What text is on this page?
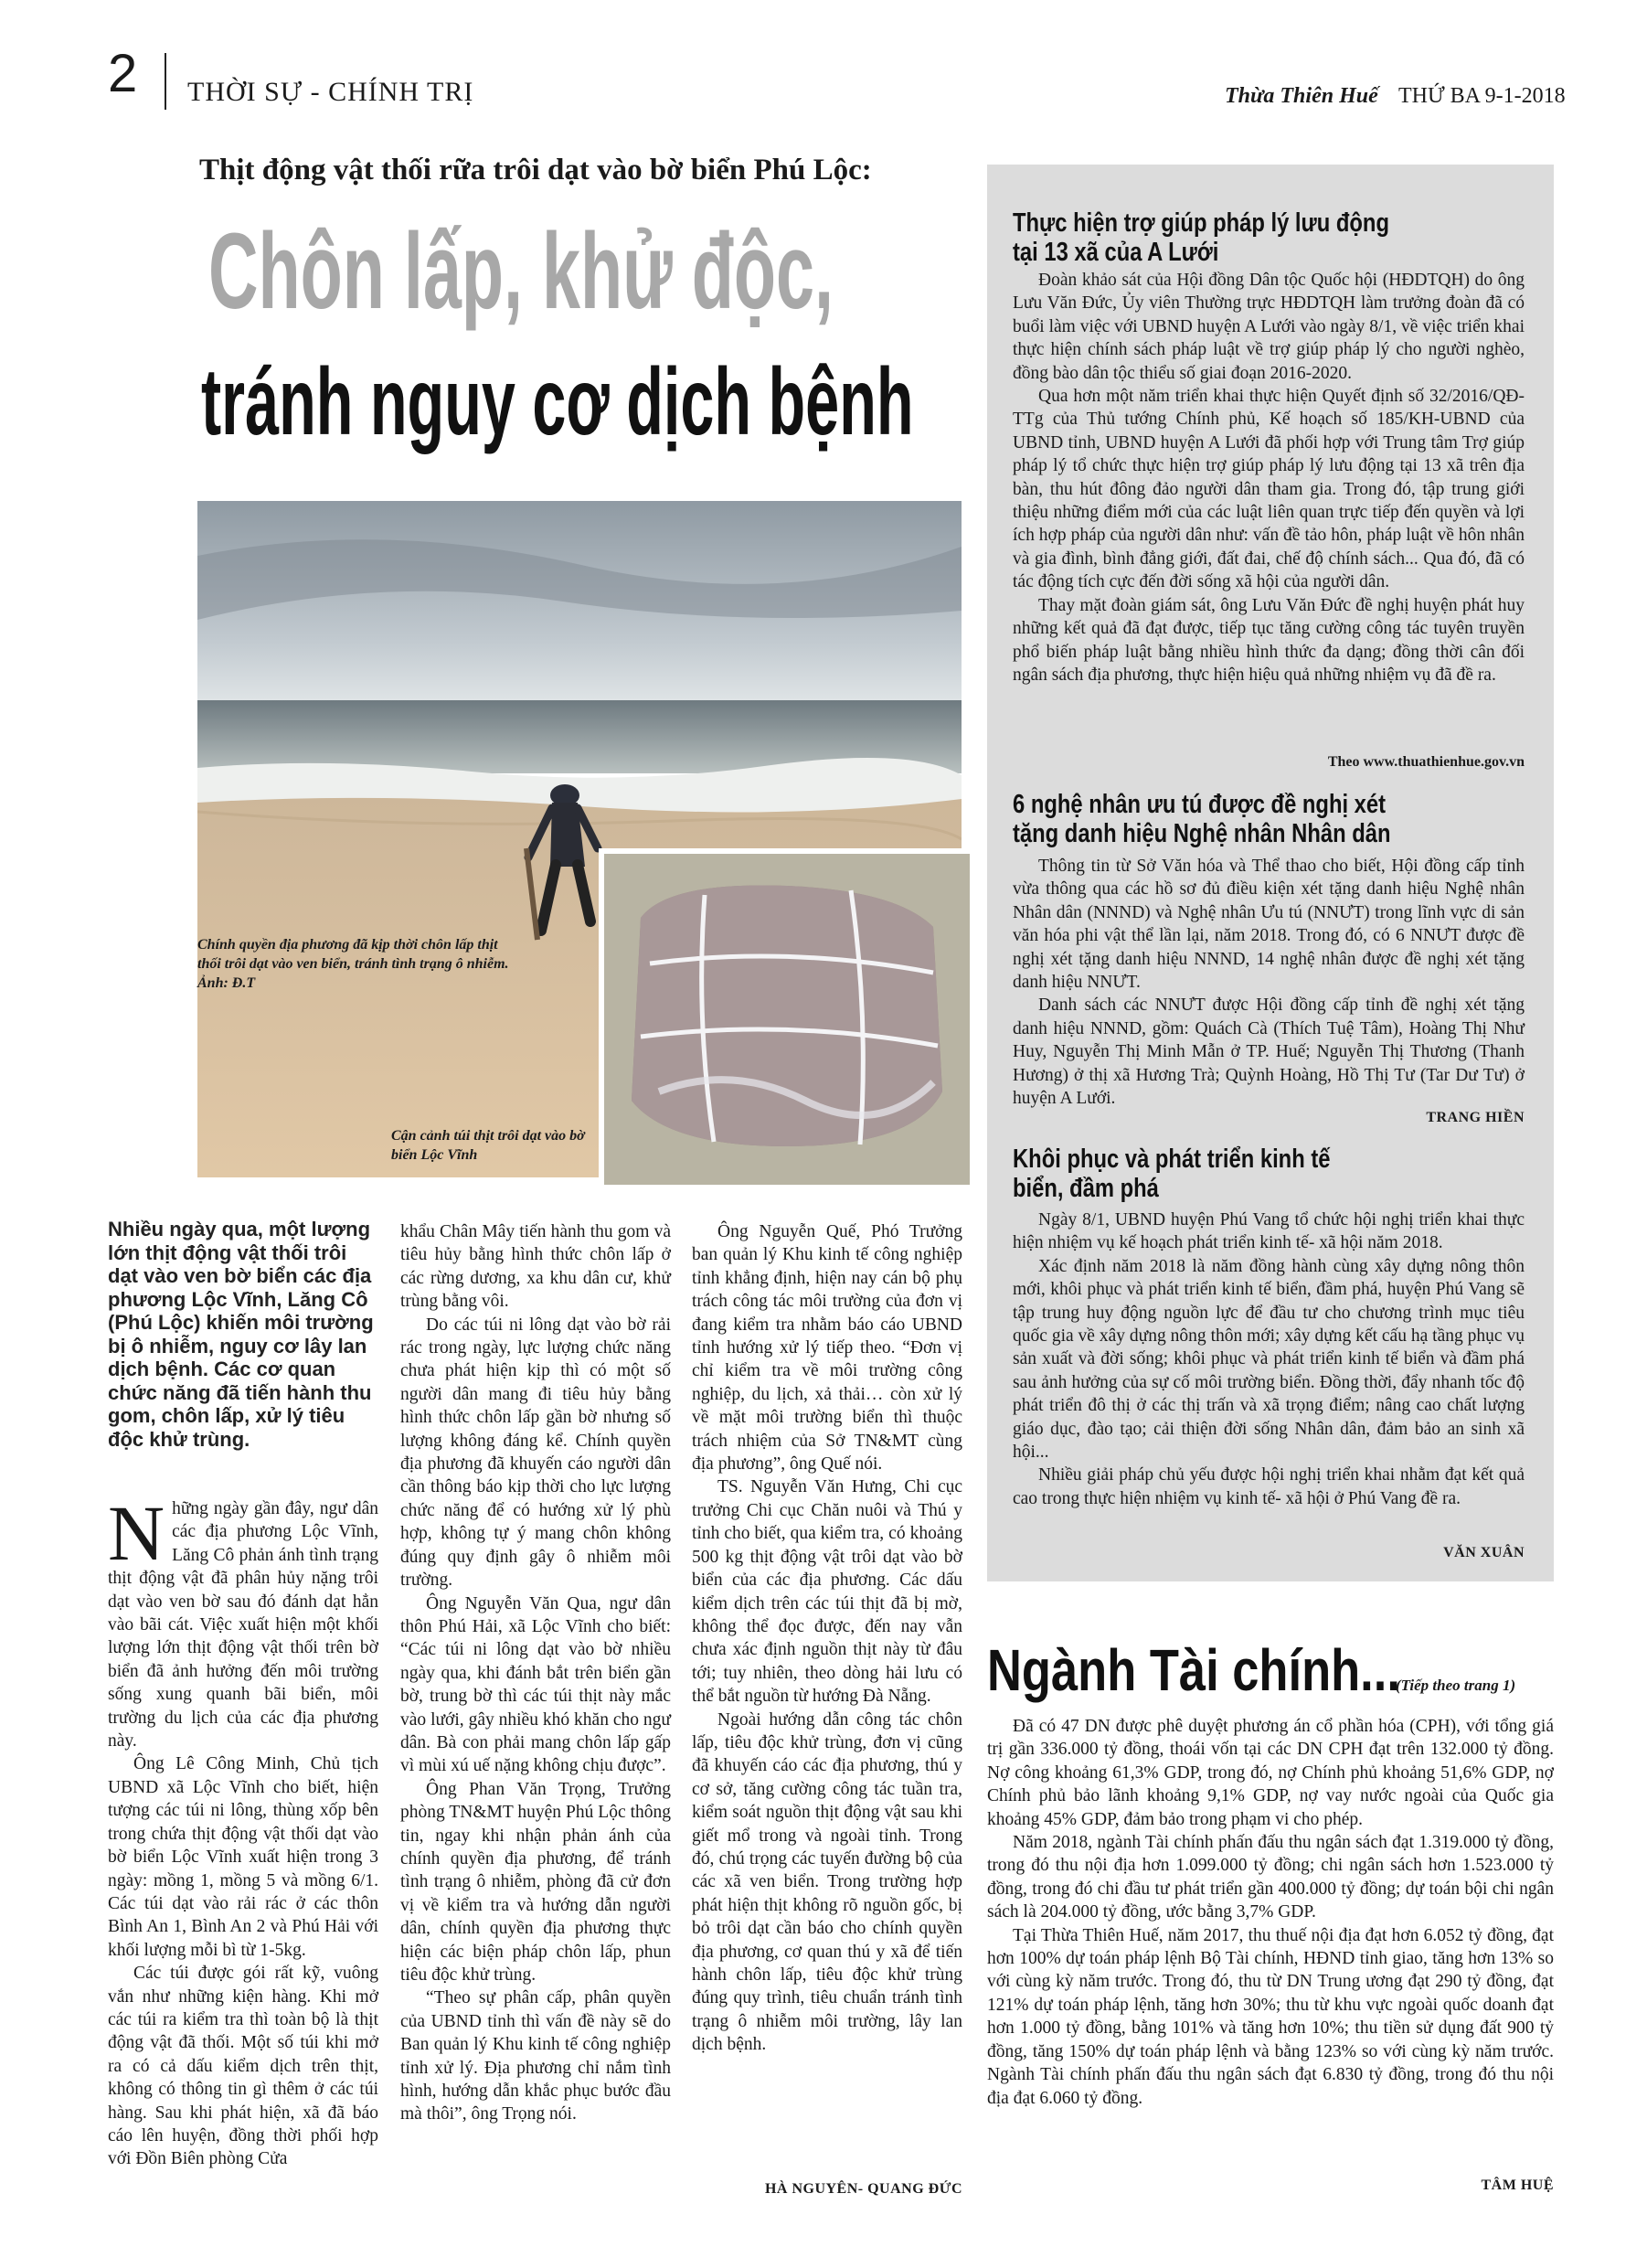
2 THỜI SỰ - CHÍNH TRỊ	Thừa Thiên Huế THỨ BA 9-1-2018
Thịt động vật thối rữa trôi dạt vào bờ biển Phú Lộc:
Chôn lấp, khử độc,
tránh nguy cơ dịch bệnh
Chính quyền địa phương đã kịp thời chôn lấp thịt thối trôi dạt vào ven biển, tránh tình trạng ô nhiễm. Ảnh: Đ.T
Cận cảnh túi thịt trôi dạt vào bờ biển Lộc Vĩnh
Nhiều ngày qua, một lượng lớn thịt động vật thối trôi dạt vào ven bờ biển các địa phương Lộc Vĩnh, Lăng Cô (Phú Lộc) khiến môi trường bị ô nhiễm, nguy cơ lây lan dịch bệnh. Các cơ quan chức năng đã tiến hành thu gom, chôn lấp, xử lý tiêu độc khử trùng.

Những ngày gần đây, ngư dân các địa phương Lộc Vĩnh, Lăng Cô phản ánh tình trạng thịt động vật đã phân hủy nặng trôi dạt vào ven bờ sau đó đánh dạt hẳn vào bãi cát. Việc xuất hiện một khối lượng lớn thịt động vật thối trên bờ biển đã ảnh hưởng đến môi trường sống xung quanh bãi biển, môi trường du lịch của các địa phương này.

Ông Lê Công Minh, Chủ tịch UBND xã Lộc Vĩnh cho biết, hiện tượng các túi ni lông, thùng xốp bên trong chứa thịt động vật thối dạt vào bờ biển Lộc Vĩnh xuất hiện trong 3 ngày: mồng 1, mồng 5 và mồng 6/1. Các túi dạt vào rải rác ở các thôn Bình An 1, Bình An 2 và Phú Hải với khối lượng mỗi bì từ 1-5kg.

Các túi được gói rất kỹ, vuông vắn như những kiện hàng. Khi mở các túi ra kiểm tra thì toàn bộ là thịt động vật đã thối. Một số túi khi mở ra có cả dấu kiểm dịch trên thịt, không có thông tin gì thêm ở các túi hàng. Sau khi phát hiện, xã đã báo cáo lên huyện, đồng thời phối hợp với Đồn Biên phòng Cửa

khẩu Chân Mây tiến hành thu gom và tiêu hủy bằng hình thức chôn lấp ở các rừng dương, xa khu dân cư, khử trùng bằng vôi.

Do các túi ni lông dạt vào bờ rải rác trong ngày, lực lượng chức năng chưa phát hiện kịp thì có một số người dân mang đi tiêu hủy bằng hình thức chôn lấp gần bờ nhưng số lượng không đáng kể. Chính quyền địa phương đã khuyến cáo người dân cần thông báo kịp thời cho lực lượng chức năng để có hướng xử lý phù hợp, không tự ý mang chôn không đúng quy định gây ô nhiễm môi trường.

Ông Nguyễn Văn Qua, ngư dân thôn Phú Hải, xã Lộc Vĩnh cho biết: “Các túi ni lông dạt vào bờ nhiều ngày qua, khi đánh bắt trên biển gần bờ, trung bờ thì các túi thịt này mắc vào lưới, gây nhiều khó khăn cho ngư dân. Bà con phải mang chôn lấp gấp vì mùi xú uế nặng không chịu được”.

Ông Phan Văn Trọng, Trưởng phòng TN&MT huyện Phú Lộc thông tin, ngay khi nhận phản ánh của chính quyền địa phương, để tránh tình trạng ô nhiễm, phòng đã cử đơn vị về kiểm tra và hướng dẫn người dân, chính quyền địa phương thực hiện các biện pháp chôn lấp, phun tiêu độc khử trùng.

“Theo sự phân cấp, phân quyền của UBND tỉnh thì vấn đề này sẽ do Ban quản lý Khu kinh tế công nghiệp tỉnh xử lý. Địa phương chỉ nắm tình hình, hướng dẫn khắc phục bước đầu mà thôi”, ông Trọng nói.

Ông Nguyễn Quế, Phó Trưởng ban quản lý Khu kinh tế công nghiệp tỉnh khẳng định, hiện nay cán bộ phụ trách công tác môi trường của đơn vị đang kiểm tra nhằm báo cáo UBND tỉnh hướng xử lý tiếp theo. “Đơn vị chỉ kiểm tra về môi trường công nghiệp, du lịch, xả thải… còn xử lý về mặt môi trường biển thì thuộc trách nhiệm của Sở TN&MT cùng địa phương”, ông Quế nói.

TS. Nguyễn Văn Hưng, Chi cục trưởng Chi cục Chăn nuôi và Thú y tỉnh cho biết, qua kiểm tra, có khoảng 500 kg thịt động vật trôi dạt vào bờ biển của các địa phương. Các dấu kiểm dịch trên các túi thịt đã bị mờ, không thể đọc được, đến nay vẫn chưa xác định nguồn thịt này từ đâu tới; tuy nhiên, theo dòng hải lưu có thể bắt nguồn từ hướng Đà Nẵng.

Ngoài hướng dẫn công tác chôn lấp, tiêu độc khử trùng, đơn vị cũng đã khuyến cáo các địa phương, thú y cơ sở, tăng cường công tác tuần tra, kiểm soát nguồn thịt động vật sau khi giết mổ trong và ngoài tỉnh. Trong đó, chú trọng các tuyến đường bộ của các xã ven biển. Trong trường hợp phát hiện thịt không rõ nguồn gốc, bị bỏ trôi dạt cần báo cho chính quyền địa phương, cơ quan thú y xã để tiến hành chôn lấp, tiêu độc khử trùng đúng quy trình, tiêu chuẩn tránh tình trạng ô nhiễm môi trường, lây lan dịch bệnh.

HÀ NGUYÊN- QUANG ĐỨC
Thực hiện trợ giúp pháp lý lưu động tại 13 xã của A Lưới

Đoàn khảo sát của Hội đồng Dân tộc Quốc hội (HĐDTQH) do ông Lưu Văn Đức, Ủy viên Thường trực HĐDTQH làm trưởng đoàn đã có buổi làm việc với UBND huyện A Lưới vào ngày 8/1, về việc triển khai thực hiện chính sách pháp luật về trợ giúp pháp lý cho người nghèo, đồng bào dân tộc thiểu số giai đoạn 2016-2020.

Qua hơn một năm triển khai thực hiện Quyết định số 32/2016/QĐ-TTg của Thủ tướng Chính phủ, Kế hoạch số 185/KH-UBND của UBND tỉnh, UBND huyện A Lưới đã phối hợp với Trung tâm Trợ giúp pháp lý tổ chức thực hiện trợ giúp pháp lý lưu động tại 13 xã trên địa bàn, thu hút đông đảo người dân tham gia. Trong đó, tập trung giới thiệu những điểm mới của các luật liên quan trực tiếp đến quyền và lợi ích hợp pháp của người dân như: vấn đề tảo hôn, pháp luật về hôn nhân và gia đình, bình đẳng giới, đất đai, chế độ chính sách... Qua đó, đã có tác động tích cực đến đời sống xã hội của người dân.

Thay mặt đoàn giám sát, ông Lưu Văn Đức đề nghị huyện phát huy những kết quả đã đạt được, tiếp tục tăng cường công tác tuyên truyền phổ biến pháp luật bằng nhiều hình thức đa dạng; đồng thời cân đối ngân sách địa phương, thực hiện hiệu quả những nhiệm vụ đã đề ra.

Theo www.thuathienhue.gov.vn
6 nghệ nhân ưu tú được đề nghị xét tặng danh hiệu Nghệ nhân Nhân dân

Thông tin từ Sở Văn hóa và Thể thao cho biết, Hội đồng cấp tỉnh vừa thông qua các hồ sơ đủ điều kiện xét tặng danh hiệu Nghệ nhân Nhân dân (NNND) và Nghệ nhân Ưu tú (NNƯT) trong lĩnh vực di sản văn hóa phi vật thể lần lại, năm 2018. Trong đó, có 6 NNƯT được đề nghị xét tặng danh hiệu NNND, 14 nghệ nhân được đề nghị xét tặng danh hiệu NNƯT.

Danh sách các NNƯT được Hội đồng cấp tỉnh đề nghị xét tặng danh hiệu NNND, gồm: Quách Cà (Thích Tuệ Tâm), Hoàng Thị Như Huy, Nguyễn Thị Minh Mẫn ở TP. Huế; Nguyễn Thị Thương (Thanh Hương) ở thị xã Hương Trà; Quỳnh Hoàng, Hồ Thị Tư (Tar Dư Tư) ở huyện A Lưới.

TRANG HIỀN
Khôi phục và phát triển kinh tế biển, đầm phá

Ngày 8/1, UBND huyện Phú Vang tổ chức hội nghị triển khai thực hiện nhiệm vụ kế hoạch phát triển kinh tế- xã hội năm 2018.

Xác định năm 2018 là năm đồng hành cùng xây dựng nông thôn mới, khôi phục và phát triển kinh tế biển, đầm phá, huyện Phú Vang sẽ tập trung huy động nguồn lực để đầu tư cho chương trình mục tiêu quốc gia về xây dựng nông thôn mới; xây dựng kết cấu hạ tầng phục vụ sản xuất và đời sống; khôi phục và phát triển kinh tế biển và đầm phá sau ảnh hưởng của sự cố môi trường biển. Đồng thời, đẩy nhanh tốc độ phát triển đô thị ở các thị trấn và xã trọng điểm; nâng cao chất lượng giáo dục, đào tạo; cải thiện đời sống Nhân dân, đảm bảo an sinh xã hội...

Nhiều giải pháp chủ yếu được hội nghị triển khai nhằm đạt kết quả cao trong thực hiện nhiệm vụ kinh tế- xã hội ở Phú Vang đề ra.

VĂN XUÂN
Ngành Tài chính...
(Tiếp theo trang 1)

Đã có 47 DN được phê duyệt phương án cổ phần hóa (CPH), với tổng giá trị gần 336.000 tỷ đồng, thoái vốn tại các DN CPH đạt trên 132.000 tỷ đồng. Nợ công khoảng 61,3% GDP, trong đó, nợ Chính phủ khoảng 51,6% GDP, nợ Chính phủ bảo lãnh khoảng 9,1% GDP, nợ vay nước ngoài của Quốc gia khoảng 45% GDP, đảm bảo trong phạm vi cho phép.

Năm 2018, ngành Tài chính phấn đấu thu ngân sách đạt 1.319.000 tỷ đồng, trong đó thu nội địa hơn 1.099.000 tỷ đồng; chi ngân sách hơn 1.523.000 tỷ đồng, trong đó chi đầu tư phát triển gần 400.000 tỷ đồng; dự toán bội chi ngân sách là 204.000 tỷ đồng, ước bằng 3,7% GDP.

Tại Thừa Thiên Huế, năm 2017, thu thuế nội địa đạt hơn 6.052 tỷ đồng, đạt hơn 100% dự toán pháp lệnh Bộ Tài chính, HĐND tỉnh giao, tăng hơn 13% so với cùng kỳ năm trước. Trong đó, thu từ DN Trung ương đạt 290 tỷ đồng, đạt 121% dự toán pháp lệnh, tăng hơn 30%; thu từ khu vực ngoài quốc doanh đạt hơn 1.000 tỷ đồng, bằng 101% và tăng hơn 10%; thu tiền sử dụng đất 900 tỷ đồng, tăng 150% dự toán pháp lệnh và bằng 123% so với cùng kỳ năm trước. Ngành Tài chính phấn đấu thu ngân sách đạt 6.830 tỷ đồng, trong đó thu nội địa đạt 6.060 tỷ đồng.

TÂM HUỆ
